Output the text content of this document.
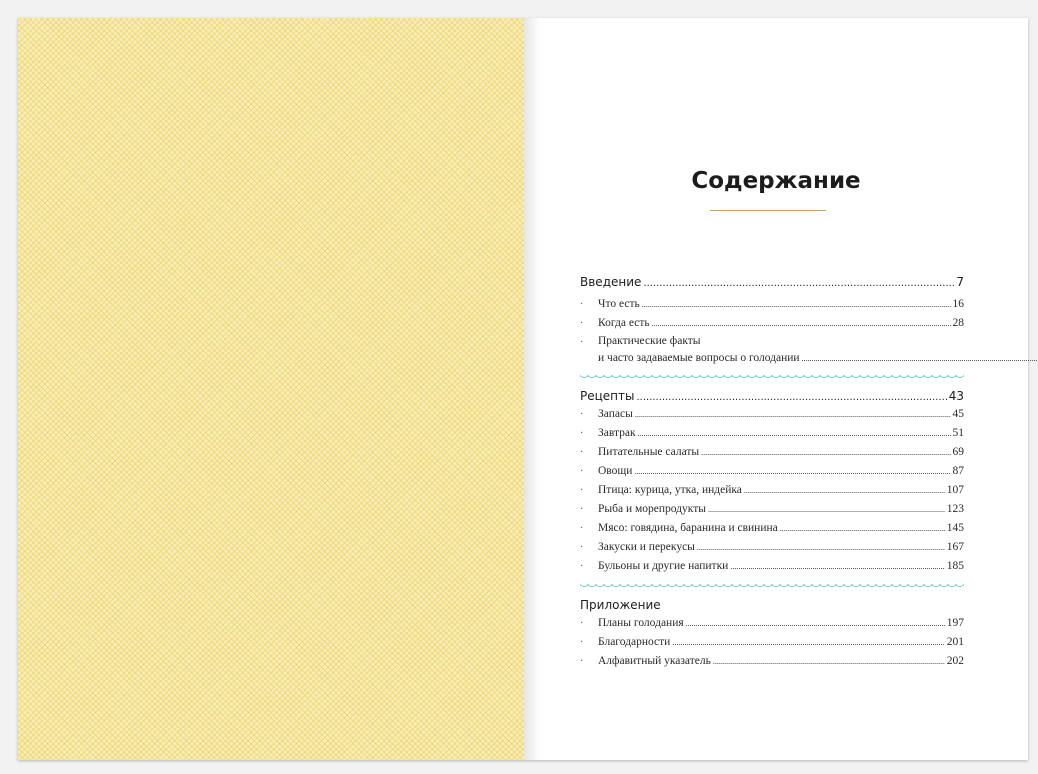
Содержание
Введение .....	7
·	Что есть .....	16
·	Когда есть .....	28
·	Практические факты
и часто задаваемые вопросы о голодании
.....
Рецепты .....	43
·	Запасы .....	45
·	Завтрак .....	51
·	Питательные салаты .....	69
·	Овощи .....	87
·	Птица: курица, утка, индейка .....	107
·	Рыба и морепродукты .....	123
·	Мясо: говядина, баранина и свинина .....	145
·	Закуски и перекусы .....	167
·	Бульоны и другие напитки .....	185
Приложение
·	Планы голодания .....	197
·	Благодарности .....	201
·	Алфавитный указатель .....	202
